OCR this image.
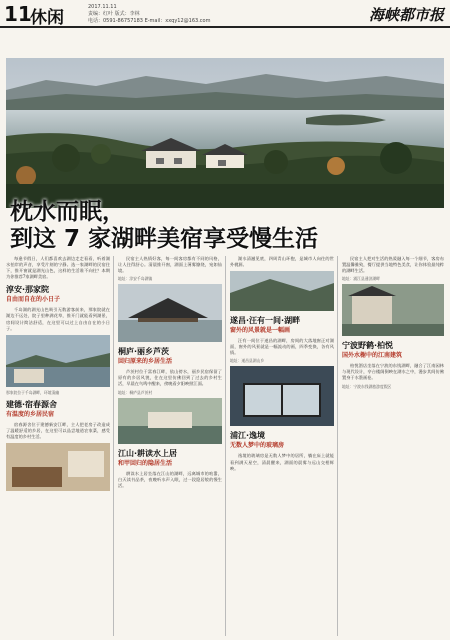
11
休闲
2017.11.11
责编：红叶 版式：李林
电话：0591-86757183 E-mail：xxqy12@163.com	海峡都市报
枕水而眠，
到这 7 家湖畔美宿享受慢生活

每逢节假日，人们都喜欢去湖边走走看看，听着湖水拍岸的声音，享受片刻的宁静。选一家湖畔的民宿住下，推开窗就是湖光山色，这样的生活谁不向往？本期为你推荐7家湖畔美宿。

淳安·那家院
自由而自在的小日子

千岛湖的湖光山色吸引无数游客前来，那家院就在湖边不远处，院子里种满花草，推开门就能看到湖景，房间设计简洁舒适，在这里可以过上自由自在的小日子。

那家院位于千岛湖畔，环境清幽
建德·宿春源舍
有温度的乡居民宿

宿春源舍位于建德新安江畔，主人把老房子改造成了温暖舒适的乡居，在这里可以品尝地道农家菜，感受有温度的乡村生活。

民宿主人热情好客，每一间客房都有不同的风格，让人住得舒心。清晨推开窗，湖面上薄雾缭绕，宛如仙境。

地址：淳安千岛湖镇
桐庐·丽乡芦茨
回归原来的乡居生活

芦茨村位于富春江畔，依山傍水，丽乡民宿保留了原有的乡居风貌，住在这里仿佛回到了过去的乡村生活，早晨在鸟鸣中醒来，傍晚看夕阳映照江面。

地址：桐庐县芦茨村
江山·耕读水上居
和甲回归的隐居生活

耕读水上居坐落在江山的湖畔，远离城市的喧嚣，白天读书品茶，夜晚听水声入眠，过一段隐居般的慢生活。

湖水清澈见底，四周青山环抱，是城市人向往的世外桃源。

遂昌·汪有一间·湖畔
窗外的风景就是一幅画

汪有一间位于遂昌的湖畔，房间的大落地窗正对湖面，窗外的风景就是一幅流动的画，四季变换，各有风情。

地址：遂昌县湖山乡
浦江·逸境
无数人梦中的玻璃房

逸境的玻璃房是无数人梦中的居所，躺在床上就能看到满天星空，清晨醒来，湖面的晨雾与远山交相辉映。

民宿主人把对生活的热爱融入每一个细节，客房布置温馨雅致，餐厅提供当地特色美食，让你体验最纯粹的湖畔生活。

地址：浦江县通济湖畔
宁波野鹤·柏悦
国外水榭中的江南建筑

柏悦酒店坐落在宁波的东钱湖畔，融合了江南园林与现代设计，亭台楼阁倒映在湖水之中，漫步其间仿佛置身于水墨画卷。

地址：宁波东钱湖旅游度假区
